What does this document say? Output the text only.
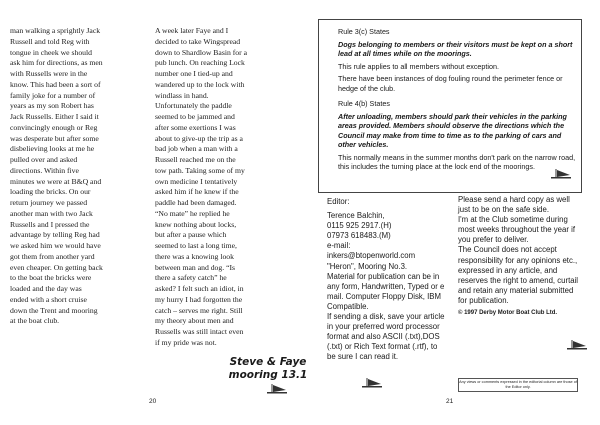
man walking a sprightly Jack
Russell and told Reg with
tongue in cheek we should
ask him for directions, as men
with Russells were in the
know. This had been a sort of
family joke for a number of
years as my son Robert has
Jack Russells. Either I said it
convincingly enough or Reg
was desperate but after some
disbelieving looks at me he
pulled over and asked
directions. Within five
minutes we were at B&Q and
loading the bricks. On our
return journey we passed
another man with two Jack
Russells and I pressed the
advantage by telling Reg had
we asked him we would have
got them from another yard
even cheaper. On getting back
to the boat the bricks were
loaded and the day was
ended with a short cruise
down the Trent and mooring
at the boat club.

20

A week later Faye and I
decided to take Wingspread
down to Shardlow Basin for a
pub lunch. On reaching Lock
number one I tied-up and
wandered up to the lock with
windlass in hand.
Unfortunately the paddle
seemed to be jammed and
after some exertions I was
about to give-up the trip as a
bad job when a man with a
Russell reached me on the
tow path. Taking some of my
own medicine I tentatively
asked him if he knew if the
paddle had been damaged.
“No mate” he replied he
knew nothing about locks,
but after a pause which
seemed to last a long time,
there was a knowing look
between man and dog. “Is
there a safety catch” he
asked? I felt such an idiot, in
my hurry I had forgotten the
catch – serves me right. Still
my theory about men and
Russells was still intact even
if my pride was not.

Steve & Faye
mooring 13.1

Rule 3(c) States

Dogs belonging to members or their visitors must be kept on a short lead at all times while on the moorings.

This rule applies to all members without exception.

There have been instances of dog fouling round the perimeter fence or hedge of the club.

Rule 4(b) States

After unloading, members should park their vehicles in the parking areas provided. Members should observe the directions which the Council may make from time to time as to the parking of cars and other vehicles.

This normally means in the summer months don't park on the narrow road, this includes the turning place at the lock end of the moorings.

Editor:

Terence Balchin,

0115 925 2917.(H)

07973 618483.(M)

e-mail:

inkers@btopenworld.com

"Heron", Mooring No.3.

Material for publication can be in any form, Handwritten, Typed or e mail. Computer Floppy Disk, IBM Compatible.

If sending a disk, save your article in your preferred word processor format and also ASCII (.txt),DOS (.txt) or Rich Text format (.rtf), to be sure I can read it.

Please send a hard copy as well just to be on the safe side.

I'm at the Club sometime during most weeks throughout the year if you prefer to deliver.

The Council does not accept responsibility for any opinions etc., expressed in any article, and reserves the right to amend, curtail and retain any material submitted for publication.

© 1997 Derby Motor Boat Club Ltd.

Any views or comments expressed in the editorial column are those of the Editor only.
21
